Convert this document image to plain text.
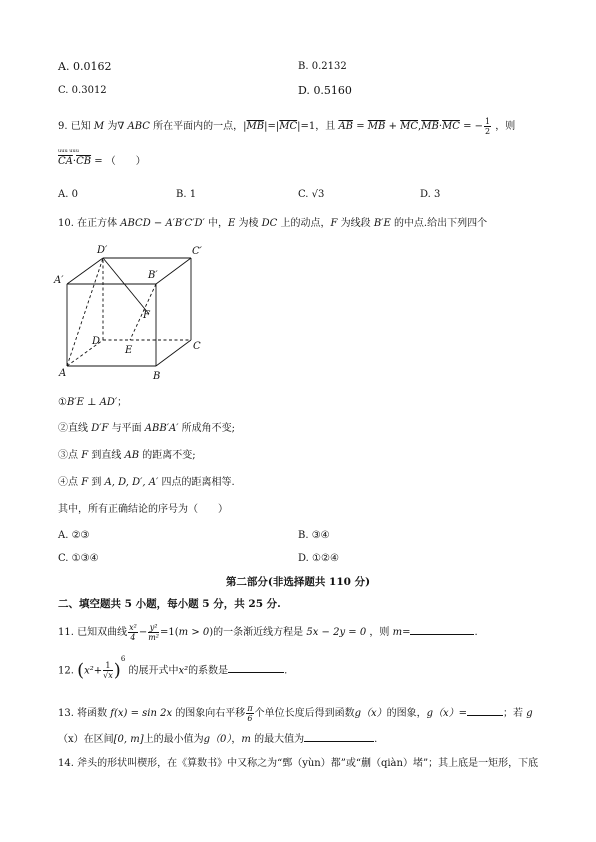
A. 0.0162	B. 0.2132
C. 0.3012	D. 0.5160
9. 已知 M 为∇ ABC 所在平面内的一点，$|\overline{MB}|=|\overline{MC}|=1$，且 $\overline{AB} = \overline{MB} + \overline{MC},\overline{MB}\cdot\overline{MC}$ = − $\frac{1}{2}$ ，则
uuu uuu
$\overline{CA}\cdot\overline{CB}$ = （　　）
A. 0	B. 1	C. √3	D. 3
10. 在正方体 ABCD − A′B′C′D′ 中，E 为棱 DC 上的动点，F 为线段 B′E 的中点.给出下列四个
D′	C′
A′	B′
F
D
E	C
A	B
①B′E ⊥ AD′；
②直线 D′F 与平面 ABB′A′ 所成角不变;
③点 F 到直线 AB 的距离不变;
④点 F 到 A, D, D′, A′ 四点的距离相等.
其中，所有正确结论的序号为（　　）
A. ②③	B. ③④
C. ①③④	D. ①②④
第二部分(非选择题共 110 分)
二、填空题共 5 小题，每小题 5 分，共 25 分.
11. 已知双曲线 $\frac{\text{x²}}{4} - \frac{\text{y²}}{\text{m²}} =1(m > 0)$的一条渐近线方程是 5x − 2y = 0 ，则 m=	.
12. $(x^2+ \frac{1}{√x} )^6$ 的展开式中x²的系数是	.
13. 将函数 f(x) = sin 2x 的图象向右平移 $\frac{\pi}{6}$ 个单位长度后得到函数g（x）的图象，g（x）=	；若 g
（x）在区间[0, m]上的最小值为g（0），m 的最大值为	.
14. 斧头的形状叫楔形，在《算数书》中又称之为“鄄（yùn）都”或“蒯（qiàn）堵”；其上底是一矩形，下底
